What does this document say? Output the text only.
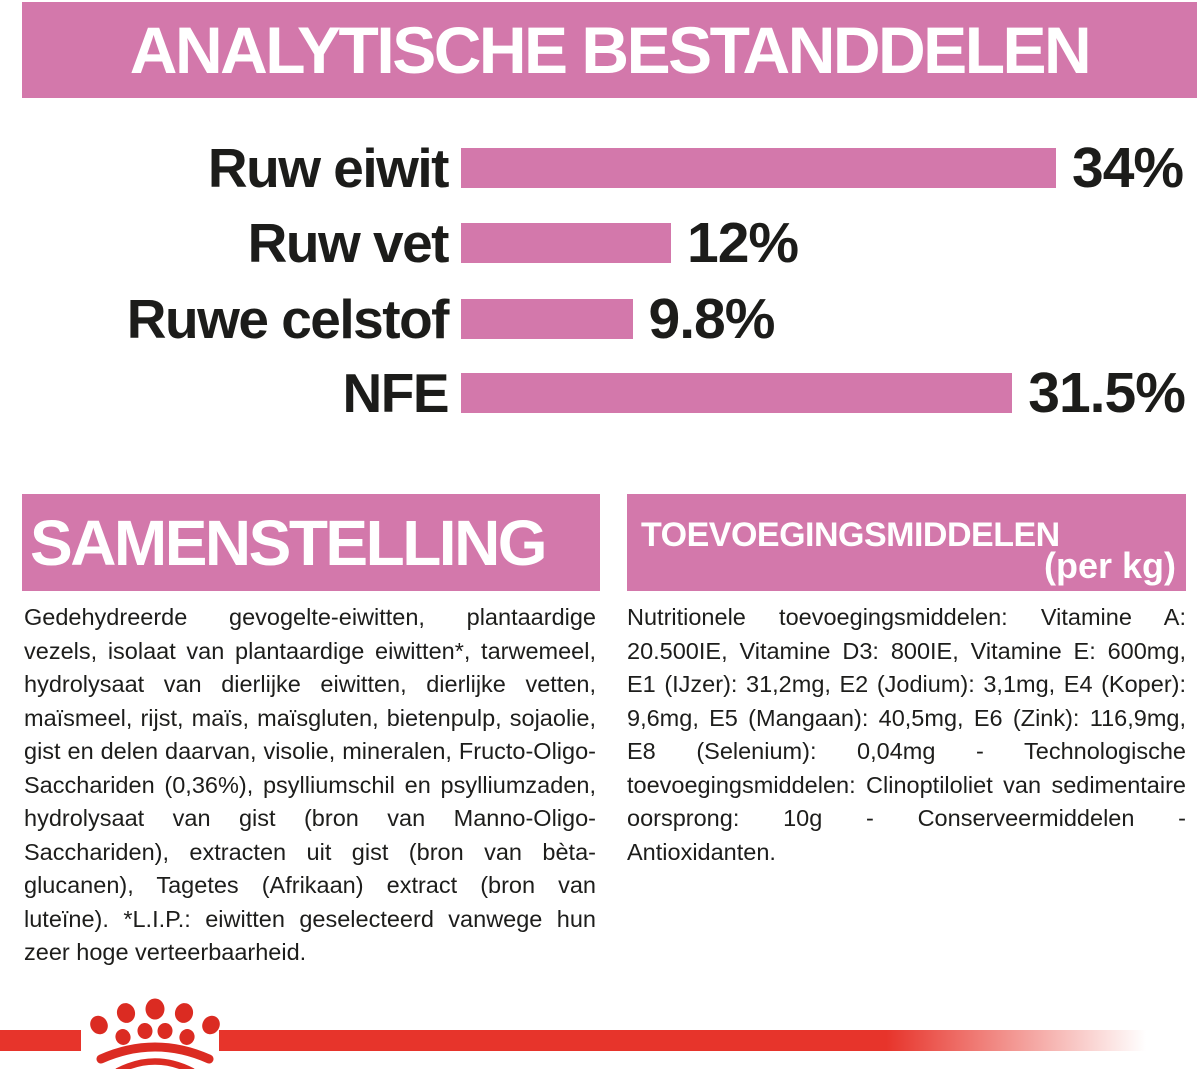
ANALYTISCHE BESTANDDELEN
Ruw eiwit	34%
Ruw vet	12%
Ruwe celstof	9.8%
NFE	31.5%
SAMENSTELLING
Gedehydreerde gevogelte-eiwitten, plantaardige vezels, isolaat van plantaardige eiwitten*, tarwemeel, hydrolysaat van dierlijke eiwitten, dierlijke vetten, maïsmeel, rijst, maïs, maïsgluten, bietenpulp, sojaolie, gist en delen daarvan, visolie, mineralen, Fructo-Oligo-Sacchariden (0,36%), psylliumschil en psylliumzaden, hydrolysaat van gist (bron van Manno-Oligo-Sacchariden), extracten uit gist (bron van bèta-glucanen), Tagetes (Afrikaan) extract (bron van luteïne). *L.I.P.: eiwitten geselecteerd vanwege hun zeer hoge verteerbaarheid.
TOEVOEGINGSMIDDELEN
(per kg)
Nutritionele toevoegingsmiddelen: Vitamine A: 20.500IE, Vitamine D3: 800IE, Vitamine E: 600mg, E1 (IJzer): 31,2mg, E2 (Jodium): 3,1mg, E4 (Koper): 9,6mg, E5 (Mangaan): 40,5mg, E6 (Zink): 116,9mg, E8 (Selenium): 0,04mg - Technologische toevoegingsmiddelen: Clinoptiloliet van sedimentaire oorsprong: 10g - Conserveermiddelen - Antioxidanten.
